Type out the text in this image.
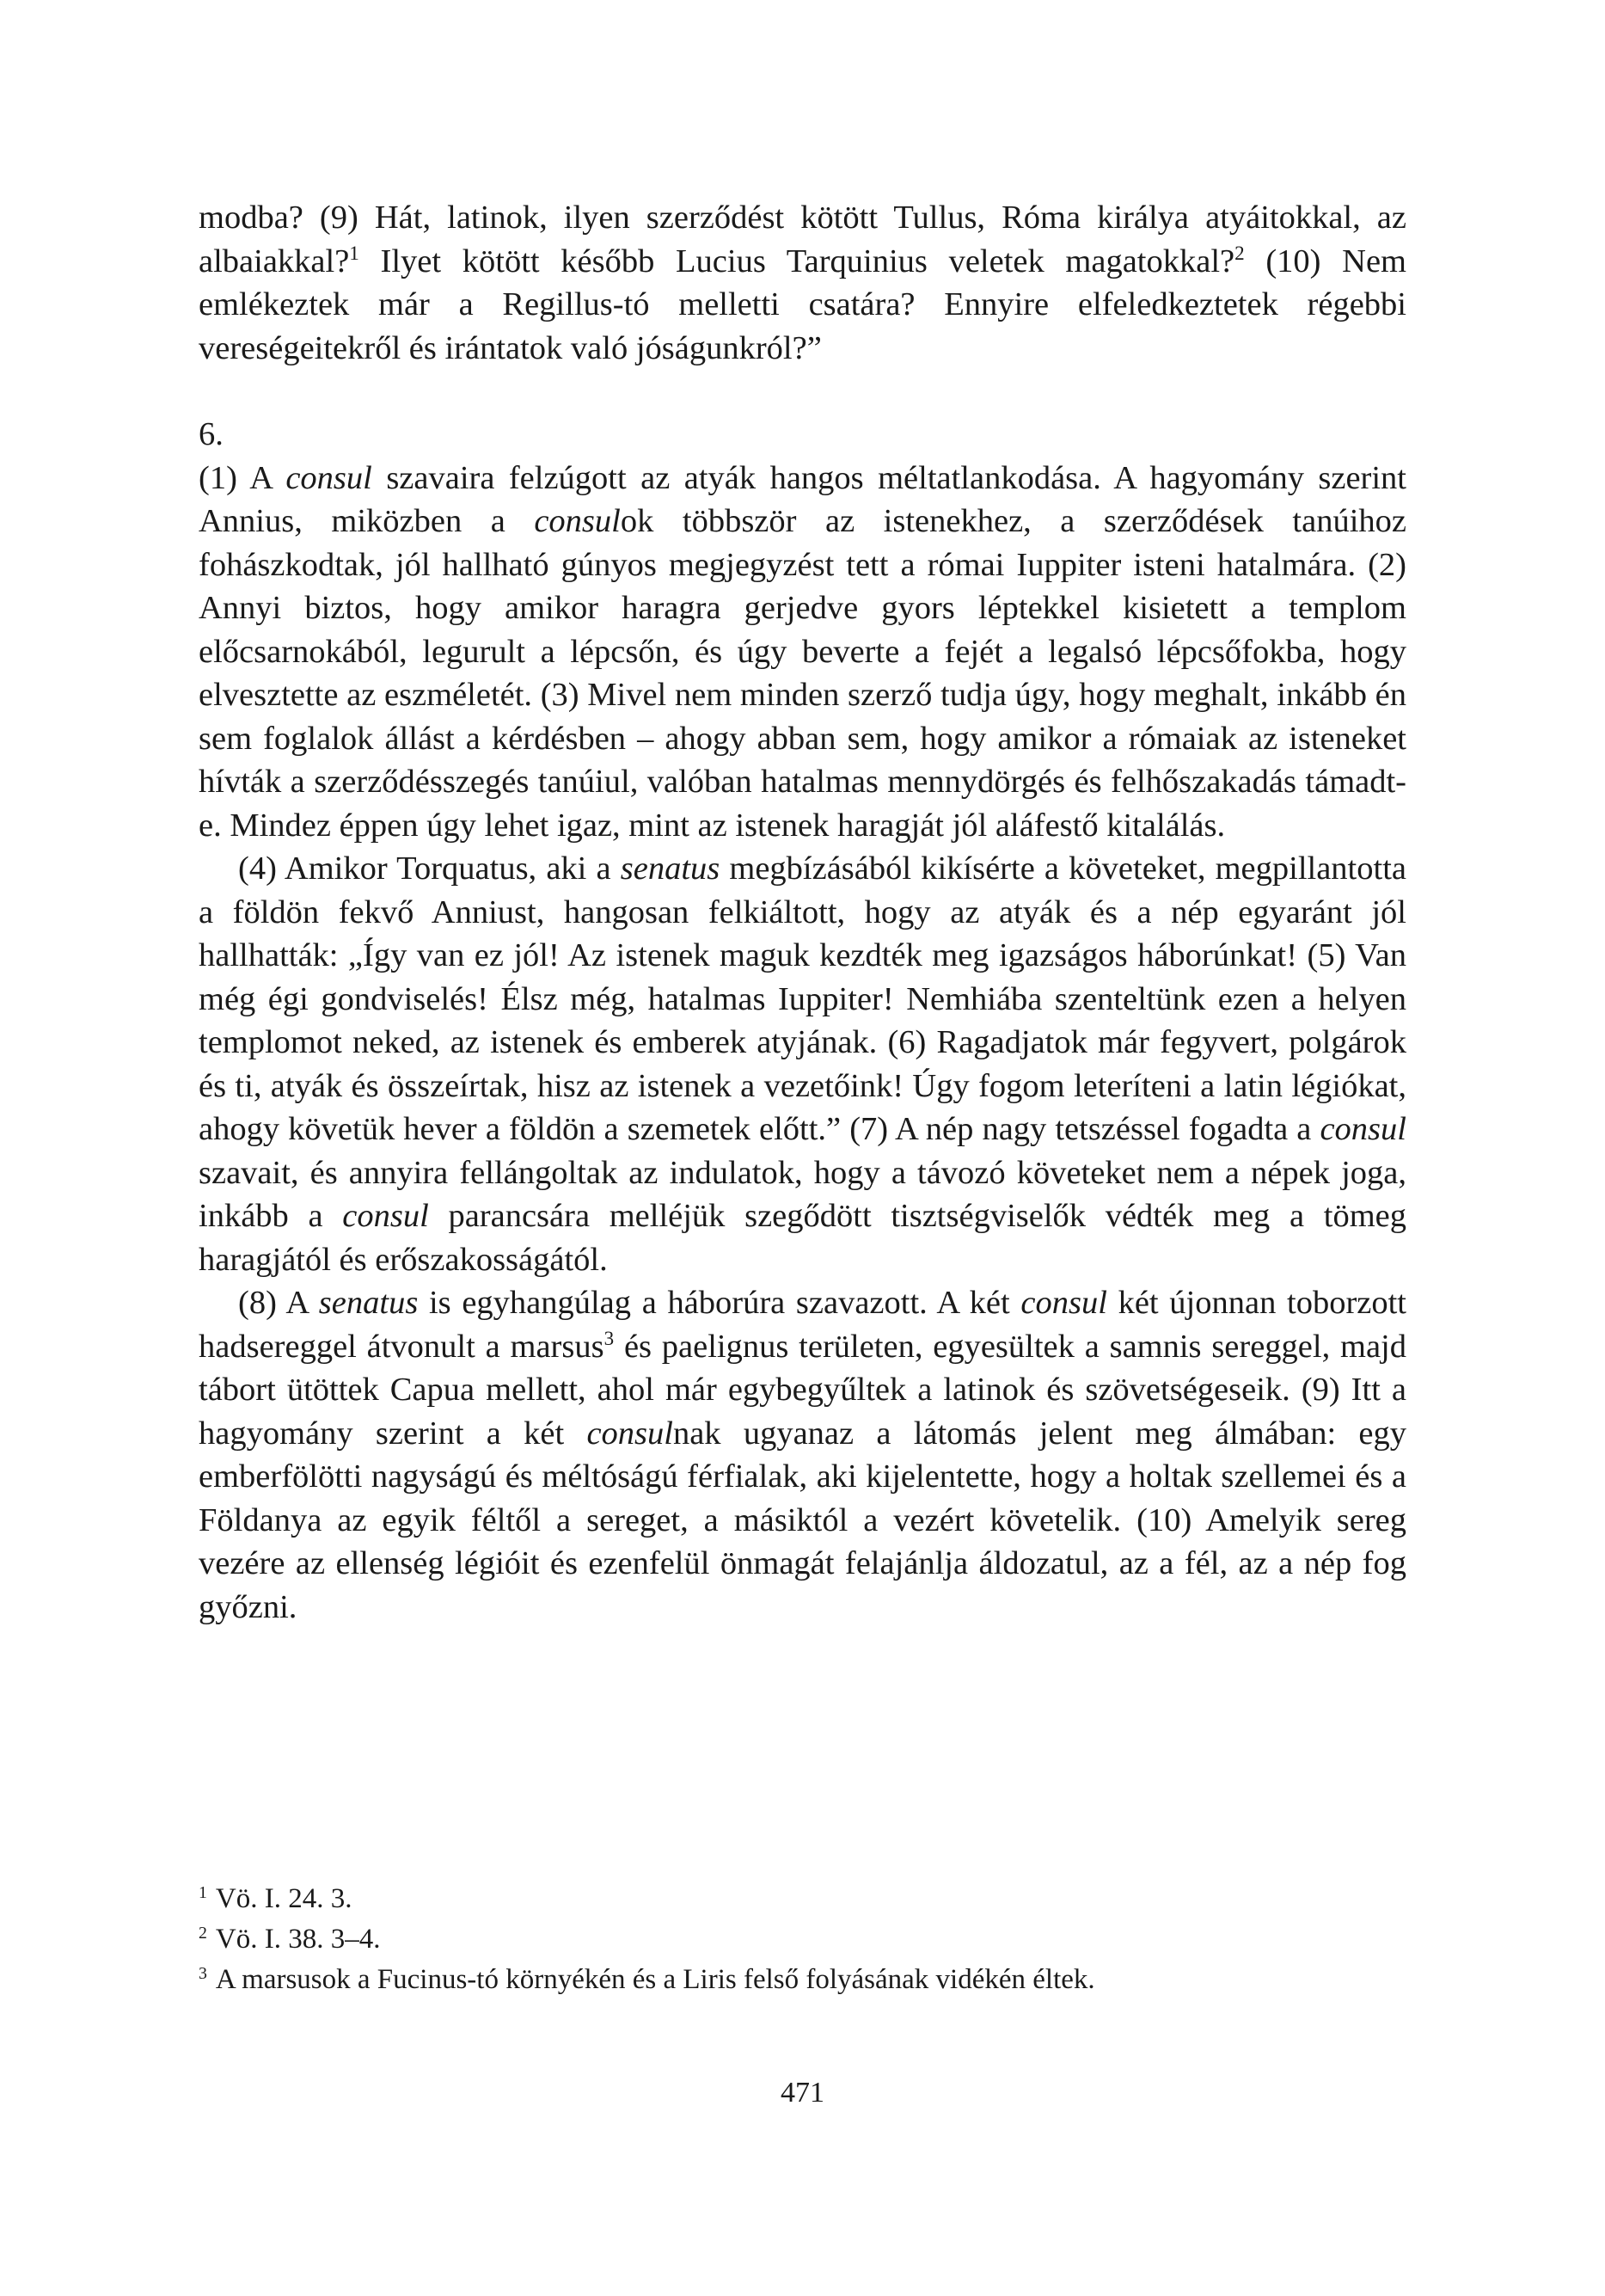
modba? (9) Hát, latinok, ilyen szerződést kötött Tullus, Róma királya atyáitokkal, az albaiakkal?$^1$ Ilyet kötött később Lucius Tarquinius veletek magatokkal?$^2$ (10) Nem emlékeztek már a Regillus-tó melletti csatára? Ennyire elfeledkeztetek régebbi vereségeitekről és irántatok való jóságunkról?”

6.

(1) A consul szavaira felzúgott az atyák hangos méltatlankodása. A hagyomány szerint Annius, miközben a consulok többször az istenekhez, a szerződések tanúihoz fohászkodtak, jól hallható gúnyos megjegyzést tett a római Iuppiter isteni hatalmára. (2) Annyi biztos, hogy amikor haragra gerjedve gyors léptekkel kisietett a templom előcsarnokából, legurult a lépcsőn, és úgy beverte a fejét a legalsó lépcsőfokba, hogy elvesztette az eszméletét. (3) Mivel nem minden szerző tudja úgy, hogy meghalt, inkább én sem foglalok állást a kérdésben – ahogy abban sem, hogy amikor a rómaiak az isteneket hívták a szerződésszegés tanúiul, valóban hatalmas mennydörgés és felhőszakadás támadt-e. Mindez éppen úgy lehet igaz, mint az istenek haragját jól aláfestő kitalálás.

(4) Amikor Torquatus, aki a senatus megbízásából kikísérte a követeket, megpillantotta a földön fekvő Anniust, hangosan felkiáltott, hogy az atyák és a nép egyaránt jól hallhatták: „Így van ez jól! Az istenek maguk kezdték meg igazságos háborúnkat! (5) Van még égi gondviselés! Élsz még, hatalmas Iuppiter! Nemhiába szenteltünk ezen a helyen templomot neked, az istenek és emberek atyjának. (6) Ragadjatok már fegyvert, polgárok és ti, atyák és összeírtak, hisz az istenek a vezetőink! Úgy fogom leteríteni a latin légiókat, ahogy követük hever a földön a szemetek előtt.” (7) A nép nagy tetszéssel fogadta a consul szavait, és annyira fellángoltak az indulatok, hogy a távozó követeket nem a népek joga, inkább a consul parancsára melléjük szegődött tisztségviselők védték meg a tömeg haragjától és erőszakosságától.

(8) A senatus is egyhangúlag a háborúra szavazott. A két consul két újonnan toborzott hadsereggel átvonult a marsus$^3$ és paelignus területen, egyesültek a samnis sereggel, majd tábort ütöttek Capua mellett, ahol már egybegyűltek a latinok és szövetségeseik. (9) Itt a hagyomány szerint a két consulnak ugyanaz a látomás jelent meg álmában: egy emberfölötti nagyságú és méltóságú férfialak, aki kijelentette, hogy a holtak szellemei és a Földanya az egyik féltől a sereget, a másiktól a vezért követelik. (10) Amelyik sereg vezére az ellenség légióit és ezenfelül önmagát felajánlja áldozatul, az a fél, az a nép fog győzni.

$^1$ Vö. I. 24. 3.

$^2$ Vö. I. 38. 3–4.

$^3$ A marsusok a Fucinus-tó környékén és a Liris felső folyásának vidékén éltek.

471
